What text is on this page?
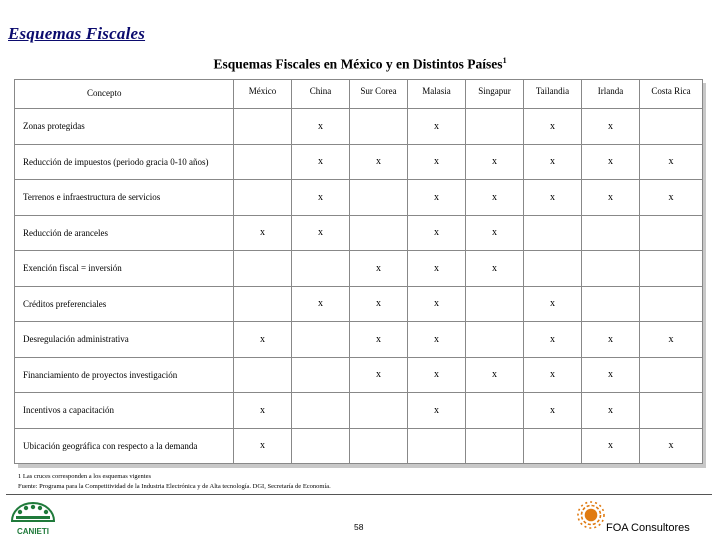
Esquemas Fiscales
Esquemas Fiscales en México y en Distintos Países$^1$
Concepto	México	China	Sur Corea	Malasia	Singapur	Tailandia	Irlanda	Costa Rica
Zonas protegidas		x		x		x	x	
Reducción de impuestos (periodo gracia 0-10 años)		x	x	x	x	x	x	x
Terrenos e infraestructura de servicios		x		x	x	x	x	x
Reducción de aranceles	x	x		x	x			
Exención fiscal = inversión			x	x	x			
Créditos preferenciales		x	x	x		x		
Desregulación administrativa	x		x	x		x	x	x
Financiamiento de proyectos investigación			x	x	x	x	x	
Incentivos a capacitación	x			x		x	x	
Ubicación geográfica con respecto a la demanda	x						x	x
1 Las cruces corresponden a los esquemas vigentes
Fuente: Programa para la Competitividad de la Industria Electrónica y de Alta tecnología. DGI, Secretaría de Economía.
CANIETI	58	FOA Consultores
